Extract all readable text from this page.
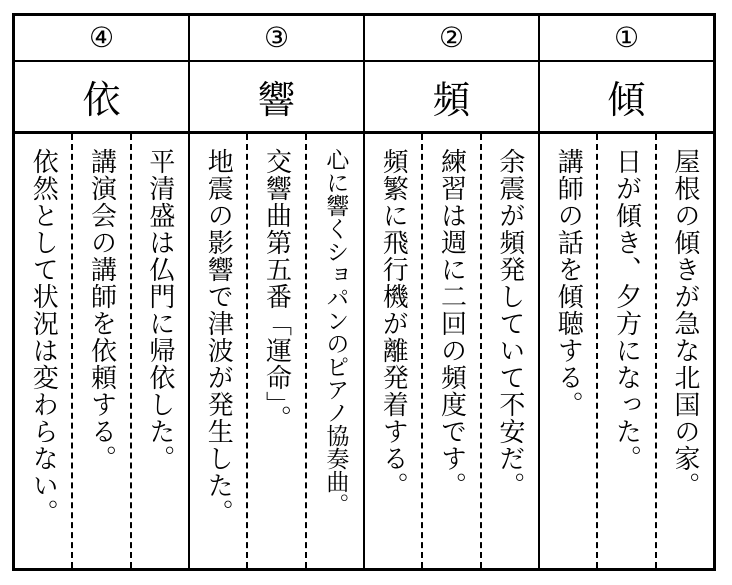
④
依
平清盛は仏門に帰依した。
講演会の講師を依頼する。
依然として状況は変わらない。
③
響
心に響くショパンのピアノ協奏曲。
交響曲第五番「運命」。
地震の影響で津波が発生した。
②
頻
余震が頻発していて不安だ。
練習は週に二回の頻度です。
頻繁に飛行機が離発着する。
①
傾
屋根の傾きが急な北国の家。
日が傾き、夕方になった。
講師の話を傾聴する。
